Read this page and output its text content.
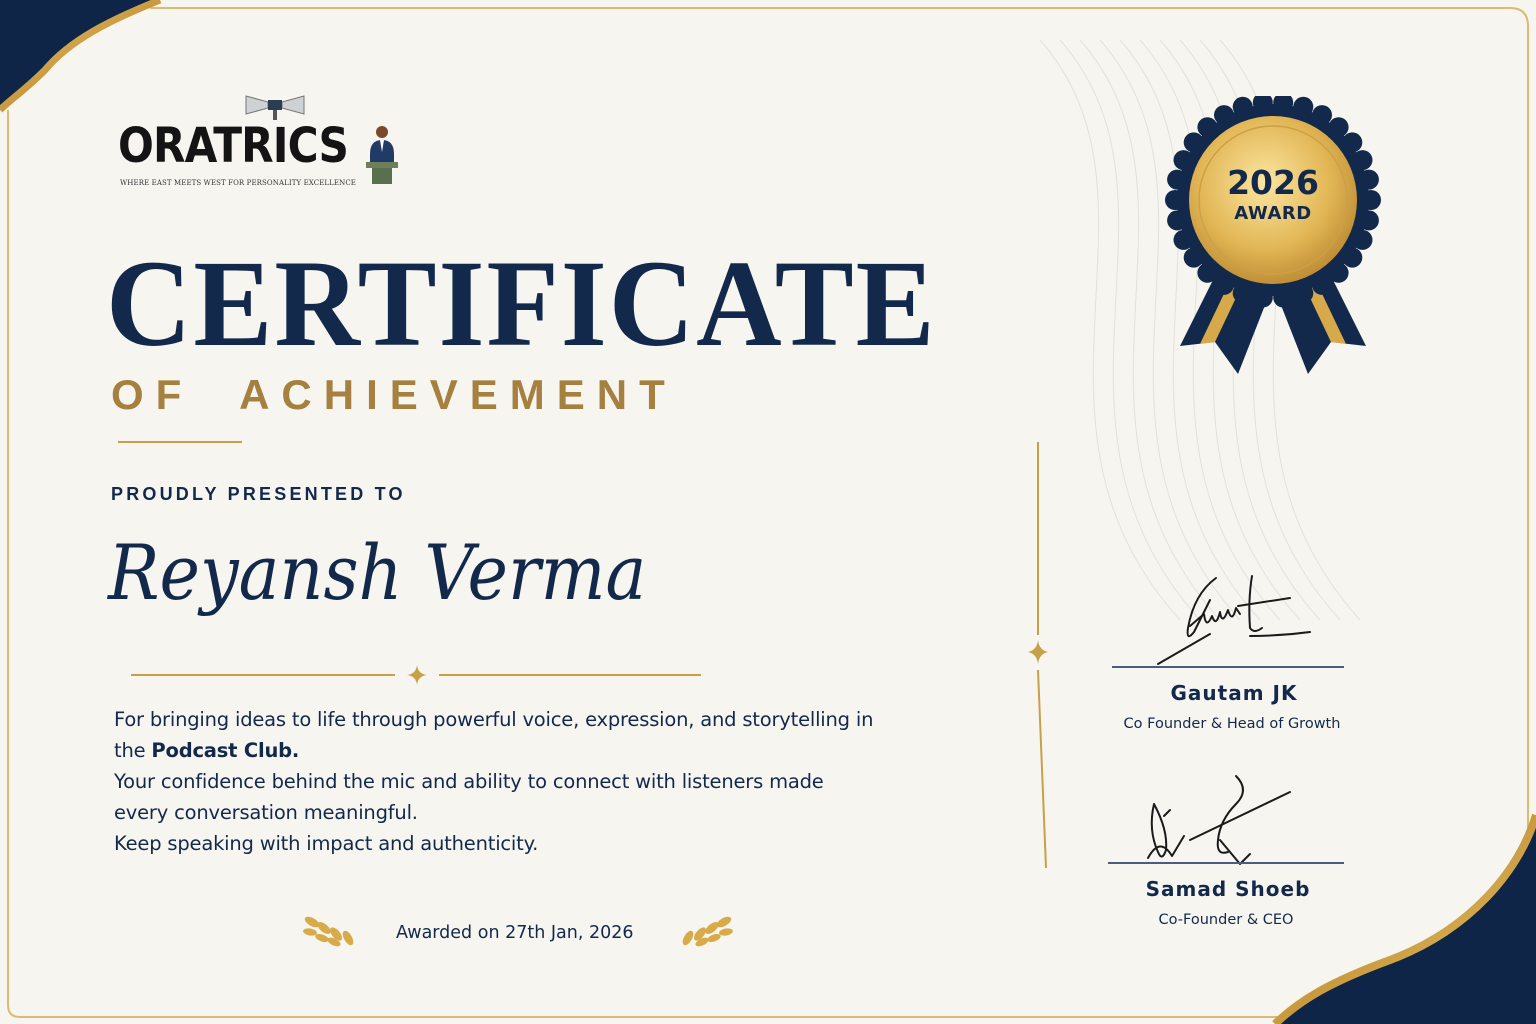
ORATRICS
WHERE EAST MEETS WEST FOR PERSONALITY EXCELLENCE
CERTIFICATE
OF  ACHIEVEMENT
PROUDLY PRESENTED TO
Reyansh Verma

For bringing ideas to life through powerful voice, expression, and storytelling in the Podcast Club.

Your confidence behind the mic and ability to connect with listeners made every conversation meaningful.

Keep speaking with impact and authenticity.

Awarded on 27th Jan, 2026
2026
AWARD
Gautam JK
Co Founder & Head of Growth
Samad Shoeb
Co-Founder & CEO
